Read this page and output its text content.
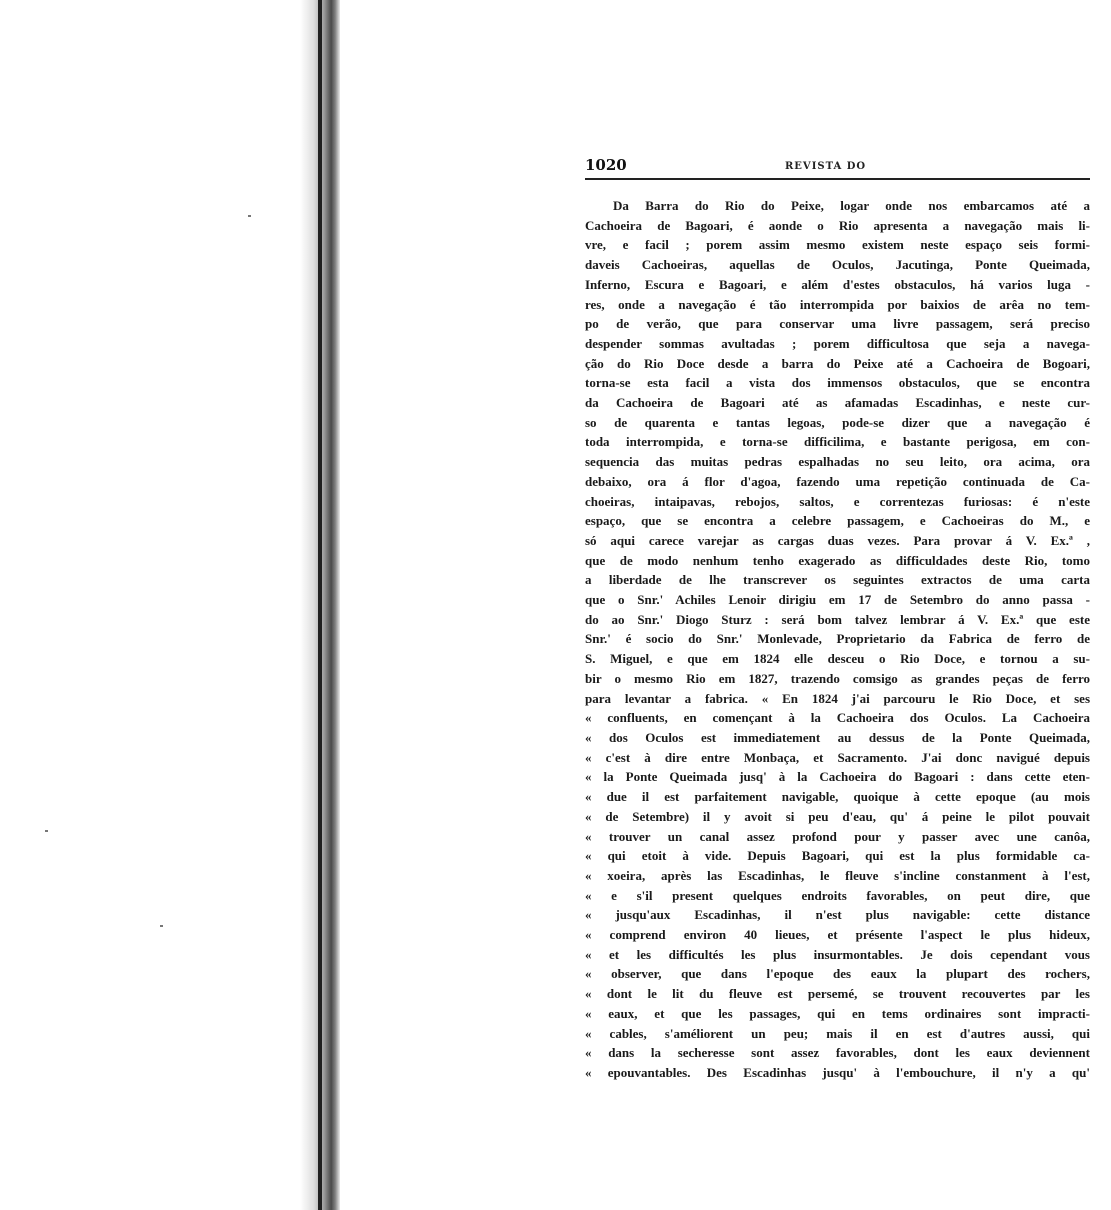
1020	REVISTA DO
Da Barra do Rio do Peixe, logar onde nos embarcamos até a
Cachoeira de Bagoari, é aonde o Rio apresenta a navegação mais li-
vre, e facil ; porem assim mesmo existem neste espaço seis formi-
daveis Cachoeiras, aquellas de Oculos, Jacutinga, Ponte Queimada,
Inferno, Escura e Bagoari, e além d'estes obstaculos, há varios luga -
res, onde a navegação é tão interrompida por baixios de arêa no tem-
po de verão, que para conservar uma livre passagem, será preciso
despender sommas avultadas ; porem difficultosa que seja a navega-
ção do Rio Doce desde a barra do Peixe até a Cachoeira de Bogoari,
torna-se esta facil a vista dos immensos obstaculos, que se encontra
da Cachoeira de Bagoari até as afamadas Escadinhas, e neste cur-
so de quarenta e tantas legoas, pode-se dizer que a navegação é
toda interrompida, e torna-se difficilima, e bastante perigosa, em con-
sequencia das muitas pedras espalhadas no seu leito, ora acima, ora
debaixo, ora á flor d'agoa, fazendo uma repetição continuada de Ca-
choeiras, intaipavas, rebojos, saltos, e correntezas furiosas: é n'este
espaço, que se encontra a celebre passagem, e Cachoeiras do M., e
só aqui carece varejar as cargas duas vezes. Para provar á V. Ex.ª ,
que de modo nenhum tenho exagerado as difficuldades deste Rio, tomo
a liberdade de lhe transcrever os seguintes extractos de uma carta
que o Snr.' Achiles Lenoir dirigiu em 17 de Setembro do anno passa -
do ao Snr.' Diogo Sturz : será bom talvez lembrar á V. Ex.ª que este
Snr.' é socio do Snr.' Monlevade, Proprietario da Fabrica de ferro de
S. Miguel, e que em 1824 elle desceu o Rio Doce, e tornou a su-
bir o mesmo Rio em 1827, trazendo comsigo as grandes peças de ferro
para levantar a fabrica. « En 1824 j'ai parcouru le Rio Doce, et ses
« confluents, en començant à la Cachoeira dos Oculos. La Cachoeira
« dos Oculos est immediatement au dessus de la Ponte Queimada,
« c'est à dire entre Monbaça, et Sacramento. J'ai donc navigué depuis
« la Ponte Queimada jusq' à la Cachoeira do Bagoari : dans cette eten-
« due il est parfaitement navigable, quoique à cette epoque (au mois
« de Setembre) il y avoit si peu d'eau, qu' á peine le pilot pouvait
« trouver un canal assez profond pour y passer avec une canôa,
« qui etoit à vide. Depuis Bagoari, qui est la plus formidable ca-
« xoeira, après las Escadinhas, le fleuve s'incline constanment à l'est,
« e s'il present quelques endroits favorables, on peut dire, que
« jusqu'aux Escadinhas, il n'est plus navigable: cette distance
« comprend environ 40 lieues, et présente l'aspect le plus hideux,
« et les difficultés les plus insurmontables. Je dois cependant vous
« observer, que dans l'epoque des eaux la plupart des rochers,
« dont le lit du fleuve est persemé, se trouvent recouvertes par les
« eaux, et que les passages, qui en tems ordinaires sont impracti-
« cables, s'améliorent un peu; mais il en est d'autres aussi, qui
« dans la secheresse sont assez favorables, dont les eaux deviennent
« epouvantables. Des Escadinhas jusqu' à l'embouchure, il n'y a qu'
